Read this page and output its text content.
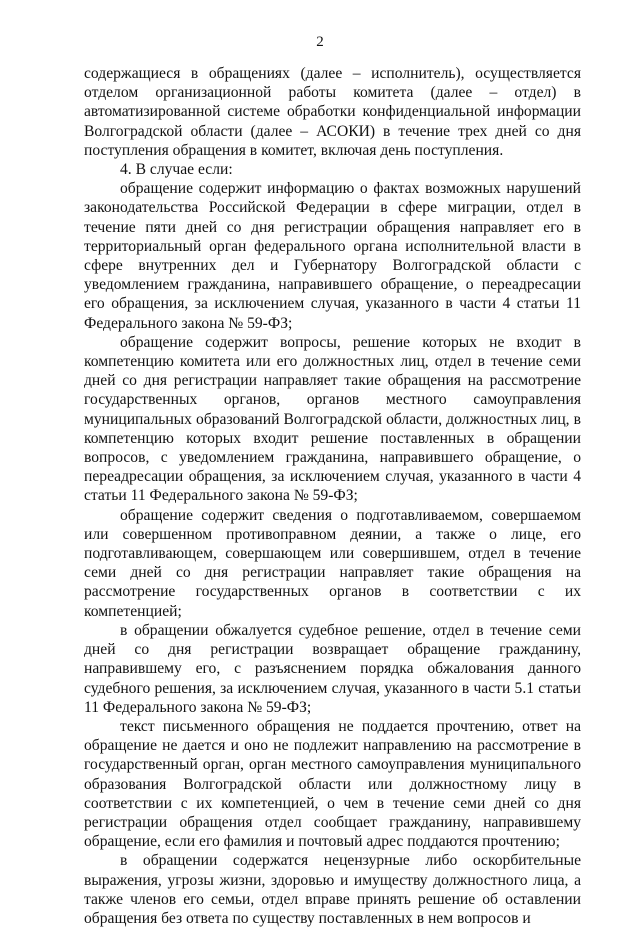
2

содержащиеся в обращениях (далее – исполнитель), осуществляется отделом организационной работы комитета (далее – отдел) в автоматизированной системе обработки конфиденциальной информации Волгоградской области (далее – АСОКИ) в течение трех дней со дня поступления обращения в комитет, включая день поступления.

4. В случае если:

обращение содержит информацию о фактах возможных нарушений законодательства Российской Федерации в сфере миграции, отдел в течение пяти дней со дня регистрации обращения направляет его в территориальный орган федерального органа исполнительной власти в сфере внутренних дел и Губернатору Волгоградской области с уведомлением гражданина, направившего обращение, о переадресации его обращения, за исключением случая, указанного в части 4 статьи 11 Федерального закона № 59-ФЗ;

обращение содержит вопросы, решение которых не входит в компетенцию комитета или его должностных лиц, отдел в течение семи дней со дня регистрации направляет такие обращения на рассмотрение государственных органов, органов местного самоуправления муниципальных образований Волгоградской области, должностных лиц, в компетенцию которых входит решение поставленных в обращении вопросов, с уведомлением гражданина, направившего обращение, о переадресации обращения, за исключением случая, указанного в части 4 статьи 11 Федерального закона № 59-ФЗ;

обращение содержит сведения о подготавливаемом, совершаемом или совершенном противоправном деянии, а также о лице, его подготавливающем, совершающем или совершившем, отдел в течение семи дней со дня регистрации направляет такие обращения на рассмотрение государственных органов в соответствии с их компетенцией;

в обращении обжалуется судебное решение, отдел в течение семи дней со дня регистрации возвращает обращение гражданину, направившему его, с разъяснением порядка обжалования данного судебного решения, за исключением случая, указанного в части 5.1 статьи 11 Федерального закона № 59-ФЗ;

текст письменного обращения не поддается прочтению, ответ на обращение не дается и оно не подлежит направлению на рассмотрение в государственный орган, орган местного самоуправления муниципального образования Волгоградской области или должностному лицу в соответствии с их компетенцией, о чем в течение семи дней со дня регистрации обращения отдел сообщает гражданину, направившему обращение, если его фамилия и почтовый адрес поддаются прочтению;

в обращении содержатся нецензурные либо оскорбительные выражения, угрозы жизни, здоровью и имуществу должностного лица, а также членов его семьи, отдел вправе принять решение об оставлении обращения без ответа по существу поставленных в нем вопросов и
